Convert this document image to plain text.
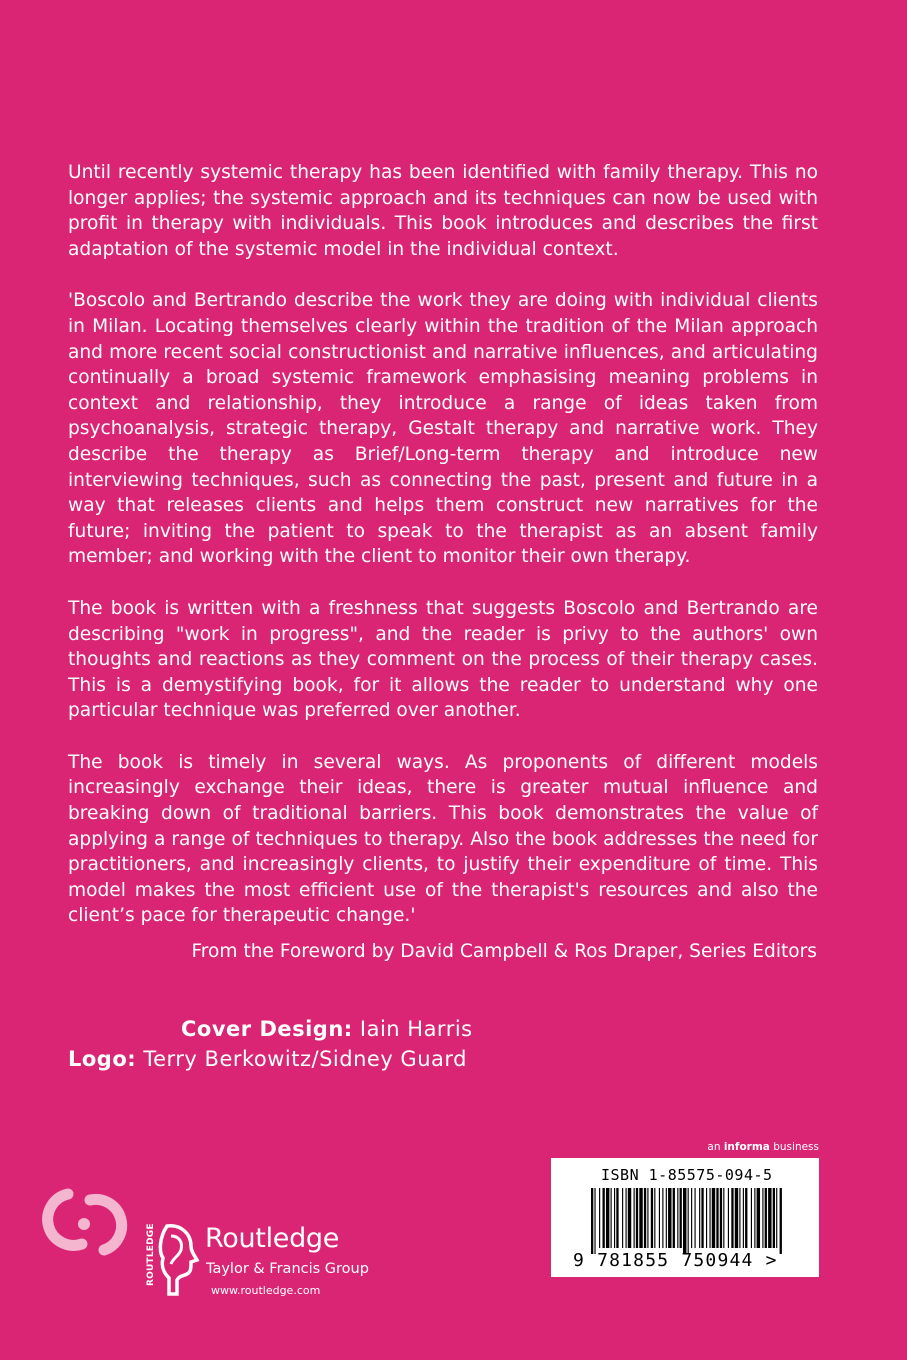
Until recently systemic therapy has been identified with family therapy. This no longer applies; the systemic approach and its techniques can now be used with profit in therapy with individuals. This book introduces and describes the first adaptation of the systemic model in the individual context.

'Boscolo and Bertrando describe the work they are doing with individual clients in Milan. Locating themselves clearly within the tradition of the Milan approach and more recent social constructionist and narrative influences, and articulating continually a broad systemic framework emphasising meaning problems in context and relationship, they introduce a range of ideas taken from psychoanalysis, strategic therapy, Gestalt therapy and narrative work. They describe the therapy as Brief/Long-term therapy and introduce new interviewing techniques, such as connecting the past, present and future in a way that releases clients and helps them construct new narratives for the future; inviting the patient to speak to the therapist as an absent family member; and working with the client to monitor their own therapy.

The book is written with a freshness that suggests Boscolo and Bertrando are describing "work in progress", and the reader is privy to the authors' own thoughts and reactions as they comment on the process of their therapy cases. This is a demystifying book, for it allows the reader to understand why one particular technique was preferred over another.

The book is timely in several ways. As proponents of different models increasingly exchange their ideas, there is greater mutual influence and breaking down of traditional barriers. This book demonstrates the value of applying a range of techniques to therapy. Also the book addresses the need for practitioners, and increasingly clients, to justify their expenditure of time. This model makes the most efficient use of the therapist's resources and also the client’s pace for therapeutic change.'

From the Foreword by David Campbell & Ros Draper, Series Editors
Cover Design: Iain Harris
Logo: Terry Berkowitz/Sidney Guard
an informa business
ISBN 1-85575-094-5
9 781855 750944 >
ROUTLEDGE Routledge
Taylor & Francis Group
www.routledge.com
